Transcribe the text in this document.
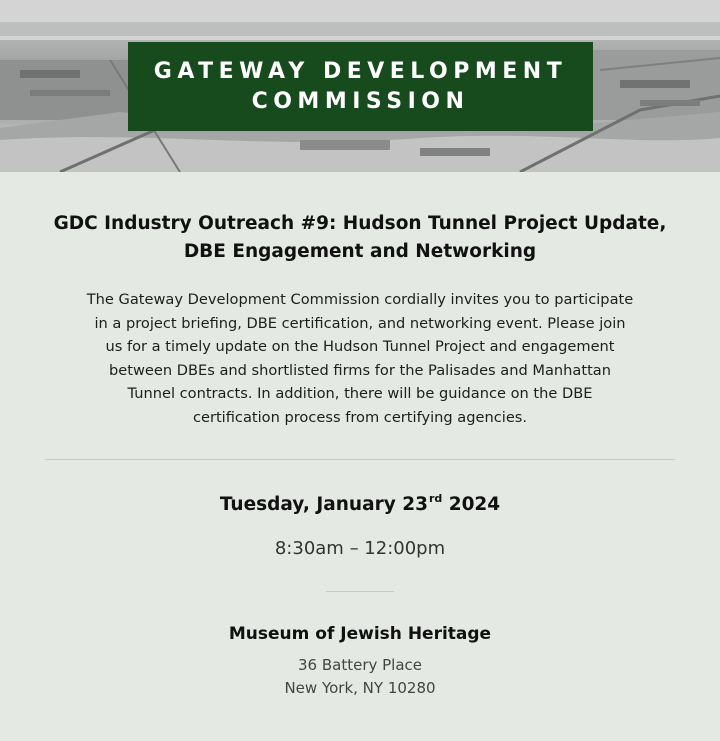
GATEWAY DEVELOPMENT
COMMISSION
GDC Industry Outreach #9: Hudson Tunnel Project Update,
DBE Engagement and Networking
The Gateway Development Commission cordially invites you to participate
in a project briefing, DBE certification, and networking event. Please join
us for a timely update on the Hudson Tunnel Project and engagement
between DBEs and shortlisted firms for the Palisades and Manhattan
Tunnel contracts. In addition, there will be guidance on the DBE
certification process from certifying agencies.
Tuesday, January 23rd 2024
8:30am – 12:00pm
Museum of Jewish Heritage
36 Battery Place
New York, NY 10280
